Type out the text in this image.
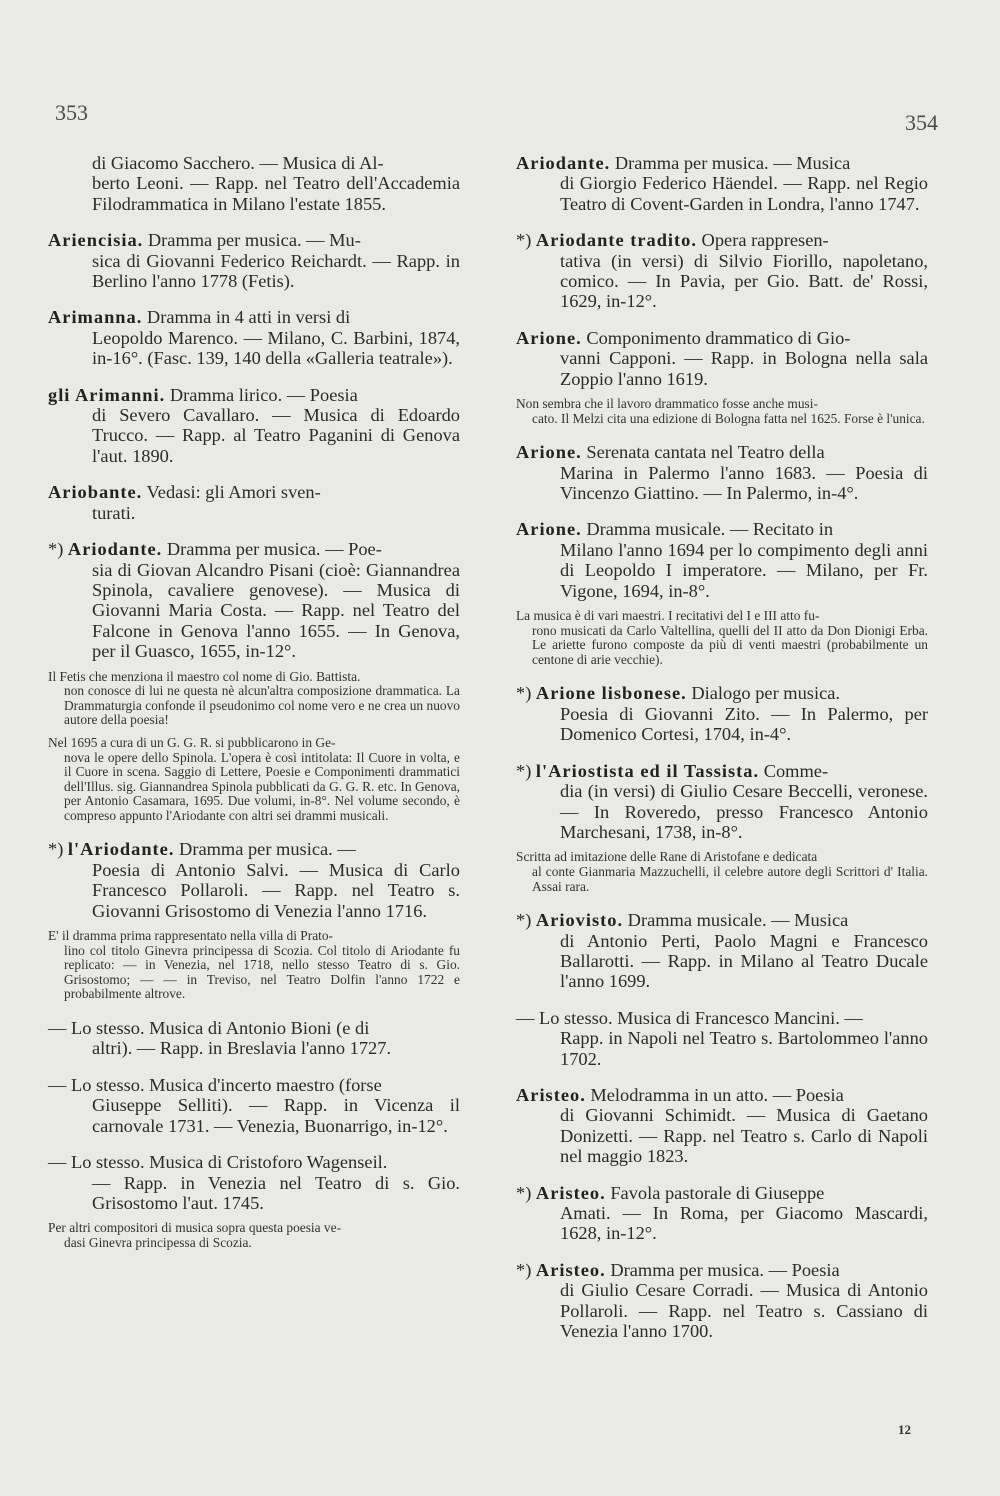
353	354
di Giacomo Sacchero. — Musica di Al-
berto Leoni. — Rapp. nel Teatro dell'Accademia Filodrammatica in Milano l'estate 1855.
Ariencisia. Dramma per musica. — Mu-
sica di Giovanni Federico Reichardt. — Rapp. in Berlino l'anno 1778 (Fetis).
Arimanna. Dramma in 4 atti in versi di
Leopoldo Marenco. — Milano, C. Barbini, 1874, in-16°. (Fasc. 139, 140 della «Galleria teatrale»).
gli Arimanni. Dramma lirico. — Poesia
di Severo Cavallaro. — Musica di Edoardo Trucco. — Rapp. al Teatro Paganini di Genova l'aut. 1890.
Ariobante. Vedasi: gli Amori sven-
turati.
*) Ariodante. Dramma per musica. — Poe-
sia di Giovan Alcandro Pisani (cioè: Giannandrea Spinola, cavaliere genovese). — Musica di Giovanni Maria Costa. — Rapp. nel Teatro del Falcone in Genova l'anno 1655. — In Genova, per il Guasco, 1655, in-12°.
Il Fetis che menziona il maestro col nome di Gio. Battista.
non conosce di lui ne questa nè alcun'altra composizione drammatica. La Drammaturgia confonde il pseudonimo col nome vero e ne crea un nuovo autore della poesia!
Nel 1695 a cura di un G. G. R. si pubblicarono in Ge-
nova le opere dello Spinola. L'opera è così intitolata: Il Cuore in volta, e il Cuore in scena. Saggio di Lettere, Poesie e Componimenti drammatici dell'Illus. sig. Giannandrea Spinola pubblicati da G. G. R. etc. In Genova, per Antonio Casamara, 1695. Due volumi, in-8°. Nel volume secondo, è compreso appunto l'Ariodante con altri sei drammi musicali.
*) l'Ariodante. Dramma per musica. —
Poesia di Antonio Salvi. — Musica di Carlo Francesco Pollaroli. — Rapp. nel Teatro s. Giovanni Grisostomo di Venezia l'anno 1716.
E' il dramma prima rappresentato nella villa di Prato-
lino col titolo Ginevra principessa di Scozia. Col titolo di Ariodante fu replicato: — in Venezia, nel 1718, nello stesso Teatro di s. Gio. Grisostomo; — — in Treviso, nel Teatro Dolfin l'anno 1722 e probabilmente altrove.
— Lo stesso. Musica di Antonio Bioni (e di
altri). — Rapp. in Breslavia l'anno 1727.
— Lo stesso. Musica d'incerto maestro (forse
Giuseppe Selliti). — Rapp. in Vicenza il carnovale 1731. — Venezia, Buonarrigo, in-12°.
— Lo stesso. Musica di Cristoforo Wagenseil.
— Rapp. in Venezia nel Teatro di s. Gio. Grisostomo l'aut. 1745.
Per altri compositori di musica sopra questa poesia ve-
dasi Ginevra principessa di Scozia.
Ariodante. Dramma per musica. — Musica
di Giorgio Federico Häendel. — Rapp. nel Regio Teatro di Covent-Garden in Londra, l'anno 1747.
*) Ariodante tradito. Opera rappresen-
tativa (in versi) di Silvio Fiorillo, napoletano, comico. — In Pavia, per Gio. Batt. de' Rossi, 1629, in-12°.
Arione. Componimento drammatico di Gio-
vanni Capponi. — Rapp. in Bologna nella sala Zoppio l'anno 1619.
Non sembra che il lavoro drammatico fosse anche musi-
cato. Il Melzi cita una edizione di Bologna fatta nel 1625. Forse è l'unica.
Arione. Serenata cantata nel Teatro della
Marina in Palermo l'anno 1683. — Poesia di Vincenzo Giattino. — In Palermo, in-4°.
Arione. Dramma musicale. — Recitato in
Milano l'anno 1694 per lo compimento degli anni di Leopoldo I imperatore. — Milano, per Fr. Vigone, 1694, in-8°.
La musica è di vari maestri. I recitativi del I e III atto fu-
rono musicati da Carlo Valtellina, quelli del II atto da Don Dionigi Erba. Le ariette furono composte da più di venti maestri (probabilmente un centone di arie vecchie).
*) Arione lisbonese. Dialogo per musica.
Poesia di Giovanni Zito. — In Palermo, per Domenico Cortesi, 1704, in-4°.
*) l'Ariostista ed il Tassista. Comme-
dia (in versi) di Giulio Cesare Beccelli, veronese. — In Roveredo, presso Francesco Antonio Marchesani, 1738, in-8°.
Scritta ad imitazione delle Rane di Aristofane e dedicata
al conte Gianmaria Mazzuchelli, il celebre autore degli Scrittori d' Italia. Assai rara.
*) Ariovisto. Dramma musicale. — Musica
di Antonio Perti, Paolo Magni e Francesco Ballarotti. — Rapp. in Milano al Teatro Ducale l'anno 1699.
— Lo stesso. Musica di Francesco Mancini. —
Rapp. in Napoli nel Teatro s. Bartolommeo l'anno 1702.
Aristeo. Melodramma in un atto. — Poesia
di Giovanni Schimidt. — Musica di Gaetano Donizetti. — Rapp. nel Teatro s. Carlo di Napoli nel maggio 1823.
*) Aristeo. Favola pastorale di Giuseppe
Amati. — In Roma, per Giacomo Mascardi, 1628, in-12°.
*) Aristeo. Dramma per musica. — Poesia
di Giulio Cesare Corradi. — Musica di Antonio Pollaroli. — Rapp. nel Teatro s. Cassiano di Venezia l'anno 1700.
12
